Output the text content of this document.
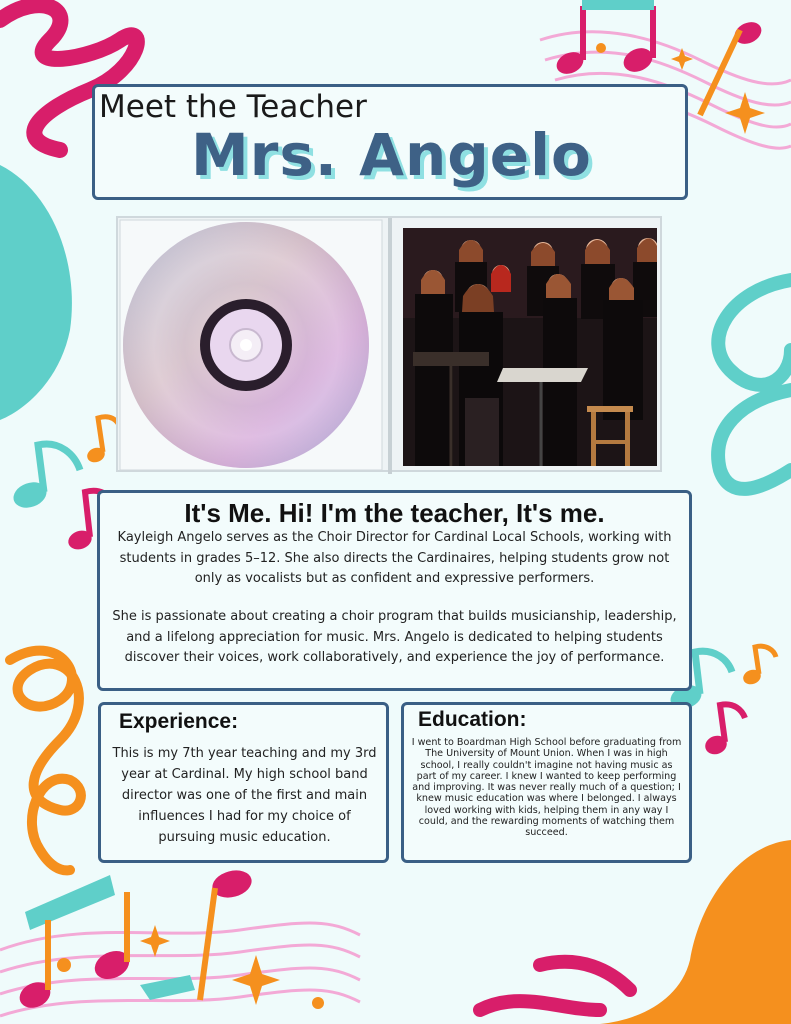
Meet the Teacher
Mrs. Angelo
It's Me. Hi! I'm the teacher, It's me.

Kayleigh Angelo serves as the Choir Director for Cardinal Local Schools, working with students in grades 5–12. She also directs the Cardinaires, helping students grow not only as vocalists but as confident and expressive performers.

She is passionate about creating a choir program that builds musicianship, leadership, and a lifelong appreciation for music. Mrs. Angelo is dedicated to helping students discover their voices, work collaboratively, and experience the joy of performance.

Experience:

This is my 7th year teaching and my 3rd year at Cardinal. My high school band director was one of the first and main influences I had for my choice of pursuing music education.

Education:

I went to Boardman High School before graduating from The University of Mount Union. When I was in high school, I really couldn't imagine not having music as part of my career. I knew I wanted to keep performing and improving. It was never really much of a question; I knew music education was where I belonged. I always loved working with kids, helping them in any way I could, and the rewarding moments of watching them succeed.
